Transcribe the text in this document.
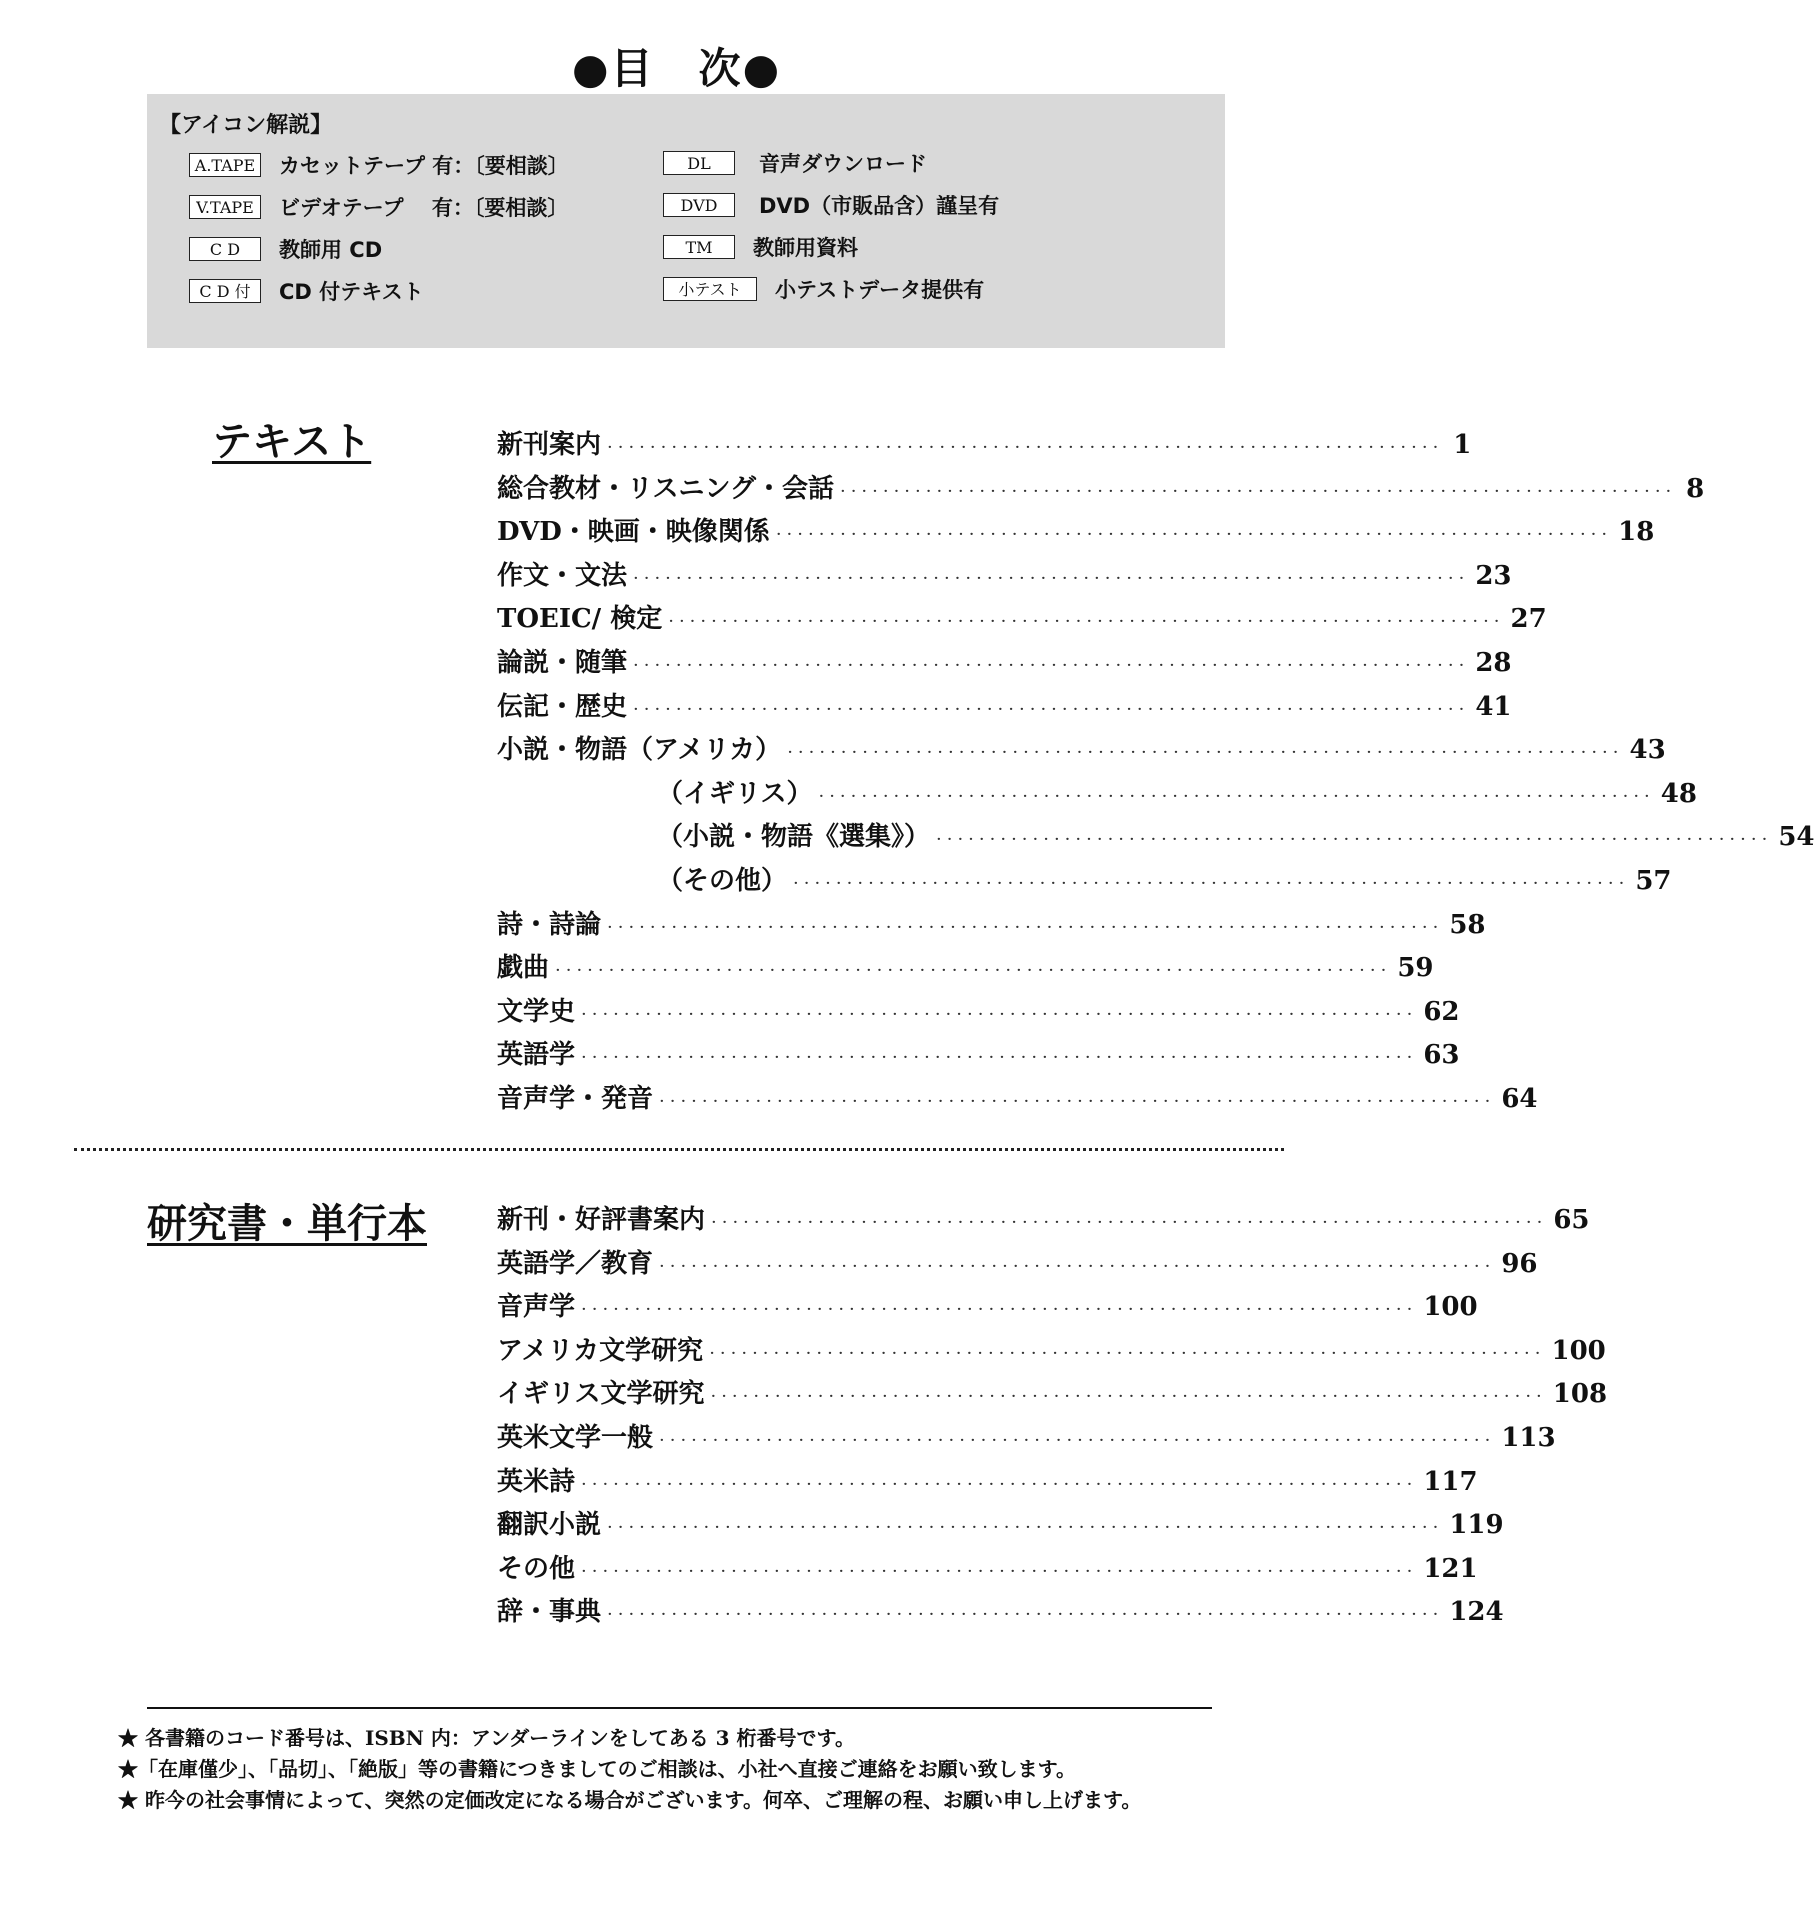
●目　次●
【アイコン解説】
A.TAPE カセットテープ 有：〔要相談〕
V.TAPE	ビデオテープ　 有：〔要相談〕
C D	教師用 CD
C D 付	CD 付テキスト
DL	音声ダウンロード
DVD	DVD（市販品含）謹呈有
TM	教師用資料
小テスト	小テストデータ提供有
テキスト	新刊案内 ·············································································· 1
総合教材・リスニング・会話 ·············································································· 8
DVD・映画・映像関係 ·············································································· 18
作文・文法 ·············································································· 23
TOEIC/ 検定 ·············································································· 27
論説・随筆 ·············································································· 28
伝記・歴史 ·············································································· 41
小説・物語（アメリカ） ·············································································· 43
（イギリス） ·············································································· 48
（小説・物語《選集》） ·············································································· 54
（その他） ·············································································· 57
詩・詩論 ·············································································· 58
戯曲 ·············································································· 59
文学史 ·············································································· 62
英語学 ·············································································· 63
音声学・発音 ·············································································· 64
研究書・単行本	新刊・好評書案内 ·············································································· 65
英語学／教育 ·············································································· 96
音声学 ·············································································· 100
アメリカ文学研究 ·············································································· 100
イギリス文学研究 ·············································································· 108
英米文学一般 ·············································································· 113
英米詩 ·············································································· 117
翻訳小説 ·············································································· 119
その他 ·············································································· 121
辞・事典 ·············································································· 124
★ 各書籍のコード番号は、ISBN 内：アンダーラインをしてある 3 桁番号です。
★「在庫僅少」、「品切」、「絶版」等の書籍につきましてのご相談は、小社へ直接ご連絡をお願い致します。
★ 昨今の社会事情によって、突然の定価改定になる場合がございます。何卒、ご理解の程、お願い申し上げます。
